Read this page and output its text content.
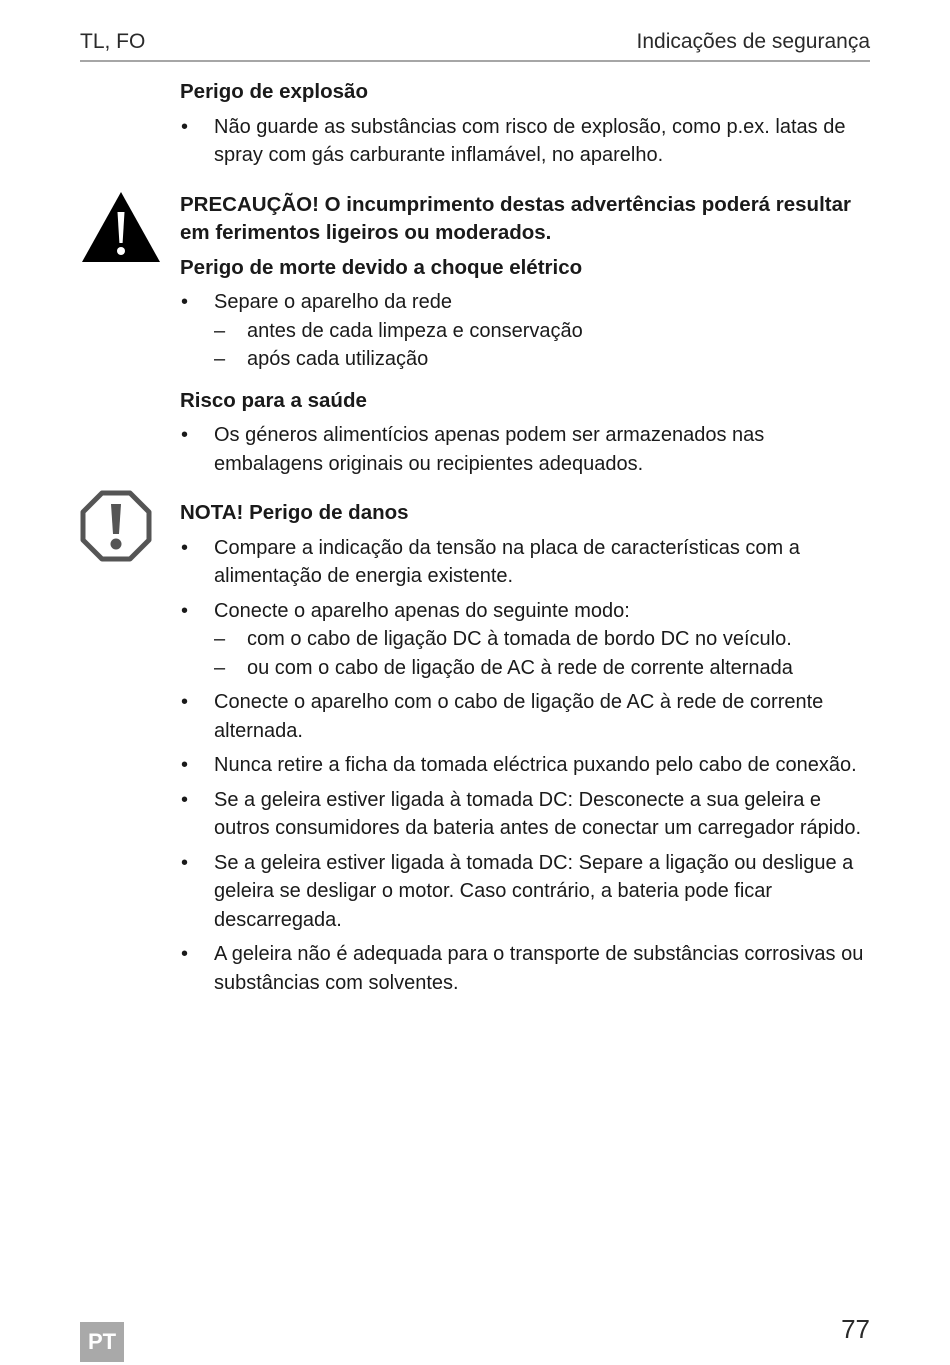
TL, FO	Indicações de segurança
Perigo de explosão
• Não guarde as substâncias com risco de explosão, como p.ex. latas de spray com gás carburante inflamável, no aparelho.
PRECAUÇÃO! O incumprimento destas advertências poderá resultar em ferimentos ligeiros ou moderados.
Perigo de morte devido a choque elétrico
• Separe o aparelho da rede
– antes de cada limpeza e conservação
– após cada utilização
Risco para a saúde
• Os géneros alimentícios apenas podem ser armazenados nas embalagens originais ou recipientes adequados.
NOTA! Perigo de danos
• Compare a indicação da tensão na placa de características com a alimentação de energia existente.
• Conecte o aparelho apenas do seguinte modo:
– com o cabo de ligação DC à tomada de bordo DC no veículo.
– ou com o cabo de ligação de AC à rede de corrente alternada
• Conecte o aparelho com o cabo de ligação de AC à rede de corrente alternada.
• Nunca retire a ficha da tomada eléctrica puxando pelo cabo de conexão.
• Se a geleira estiver ligada à tomada DC: Desconecte a sua geleira e outros consumidores da bateria antes de conectar um carregador rápido.
• Se a geleira estiver ligada à tomada DC: Separe a ligação ou desligue a geleira se desligar o motor. Caso contrário, a bateria pode ficar descarregada.
• A geleira não é adequada para o transporte de substâncias corrosivas ou substâncias com solventes.
PT	77
